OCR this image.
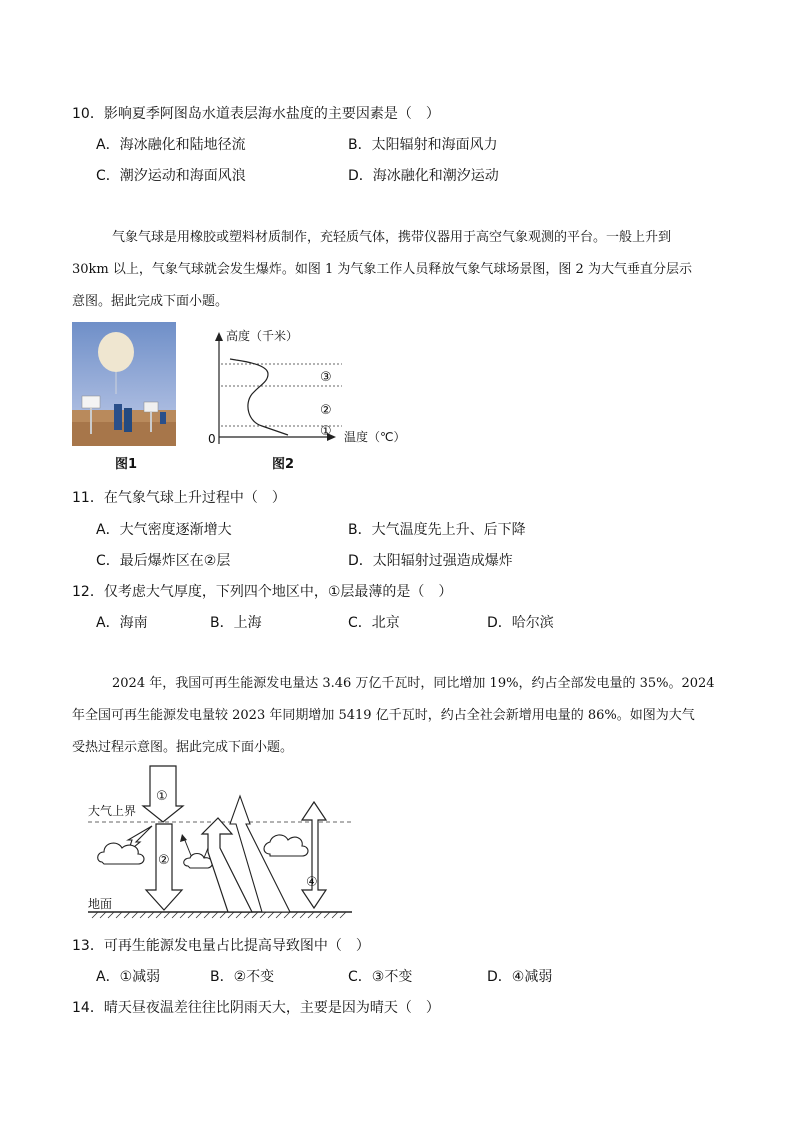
10．影响夏季阿图岛水道表层海水盐度的主要因素是（　）
A．海冰融化和陆地径流	B．太阳辐射和海面风力
C．潮汐运动和海面风浪	D．海冰融化和潮汐运动
气象气球是用橡胶或塑料材质制作，充轻质气体，携带仪器用于高空气象观测的平台。一般上升到
30km 以上，气象气球就会发生爆炸。如图 1 为气象工作人员释放气象气球场景图，图 2 为大气垂直分层示
意图。据此完成下面小题。
图1
高度（千米）
温度（℃）
0
③
②
①
图2
11．在气象气球上升过程中（　）
A．大气密度逐渐增大	B．大气温度先上升、后下降
C．最后爆炸区在②层	D．太阳辐射过强造成爆炸
12．仅考虑大气厚度，下列四个地区中，①层最薄的是（　）
A．海南	B．上海	C．北京	D．哈尔滨
2024 年，我国可再生能源发电量达 3.46 万亿千瓦时，同比增加 19%，约占全部发电量的 35%。2024
年全国可再生能源发电量较 2023 年同期增加 5419 亿千瓦时，约占全社会新增用电量的 86%。如图为大气
受热过程示意图。据此完成下面小题。
大气上界
地面
①
②
④
13．可再生能源发电量占比提高导致图中（　）
A．①减弱	B．②不变	C．③不变	D．④减弱
14．晴天昼夜温差往往比阴雨天大，主要是因为晴天（　）
